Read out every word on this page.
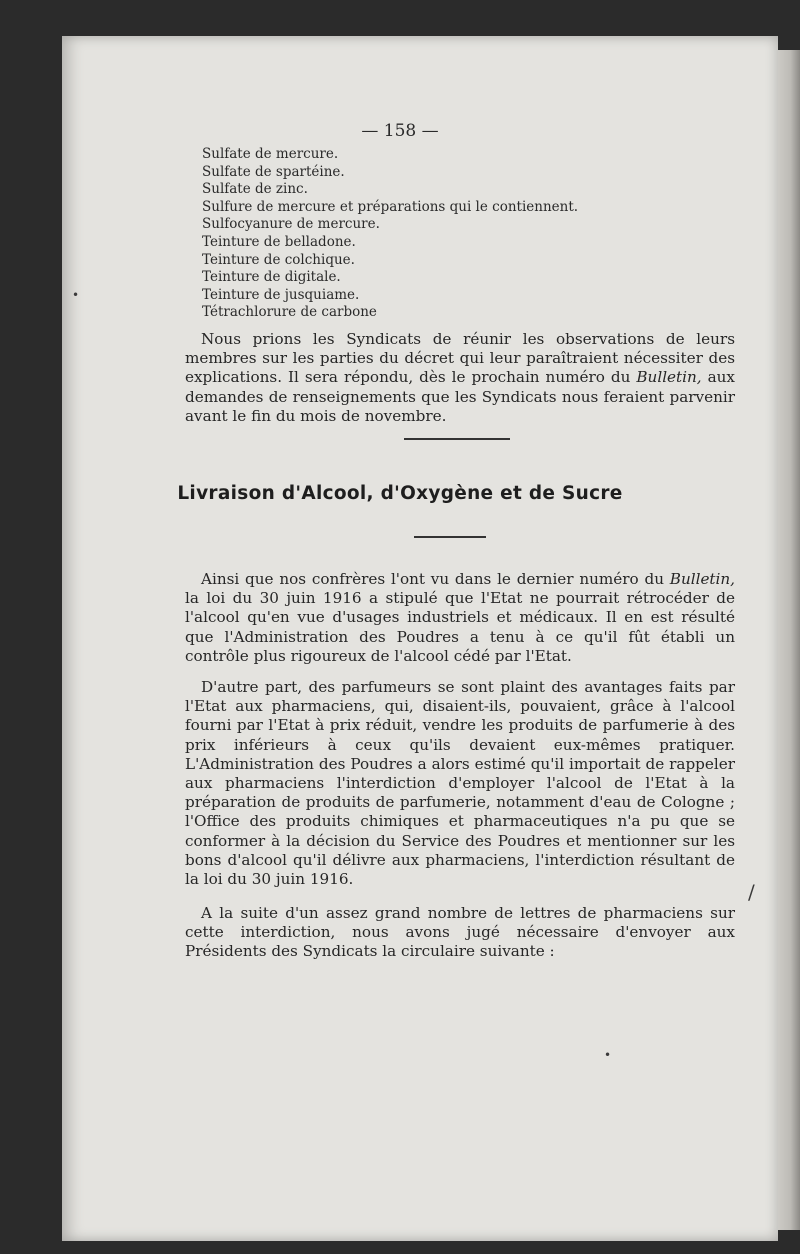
— 158 —
Sulfate de mercure.
Sulfate de spartéine.
Sulfate de zinc.
Sulfure de mercure et préparations qui le contiennent.
Sulfocyanure de mercure.
Teinture de belladone.
Teinture de colchique.
Teinture de digitale.
Teinture de jusquiame.
Tétrachlorure de carbone

Nous prions les Syndicats de réunir les observations de leurs membres sur les parties du décret qui leur paraîtraient nécessiter des explications. Il sera répondu, dès le prochain numéro du Bulletin, aux demandes de renseignements que les Syndicats nous feraient parvenir avant le fin du mois de novembre.

Livraison d'Alcool, d'Oxygène et de Sucre

Ainsi que nos confrères l'ont vu dans le dernier numéro du Bulletin, la loi du 30 juin 1916 a stipulé que l'Etat ne pourrait rétrocéder de l'alcool qu'en vue d'usages industriels et médicaux. Il en est résulté que l'Administration des Poudres a tenu à ce qu'il fût établi un contrôle plus rigoureux de l'alcool cédé par l'Etat.

D'autre part, des parfumeurs se sont plaint des avantages faits par l'Etat aux pharmaciens, qui, disaient-ils, pouvaient, grâce à l'alcool fourni par l'Etat à prix réduit, vendre les produits de parfumerie à des prix inférieurs à ceux qu'ils devaient eux-mêmes pratiquer. L'Administration des Poudres a alors estimé qu'il importait de rappeler aux pharmaciens l'interdiction d'employer l'alcool de l'Etat à la préparation de produits de parfumerie, notamment d'eau de Cologne ; l'Office des produits chimiques et pharmaceutiques n'a pu que se conformer à la décision du Service des Poudres et mentionner sur les bons d'alcool qu'il délivre aux pharmaciens, l'interdiction résultant de la loi du 30 juin 1916.

A la suite d'un assez grand nombre de lettres de pharmaciens sur cette interdiction, nous avons jugé nécessaire d'envoyer aux Présidents des Syndicats la circulaire suivante :

•
/
•
